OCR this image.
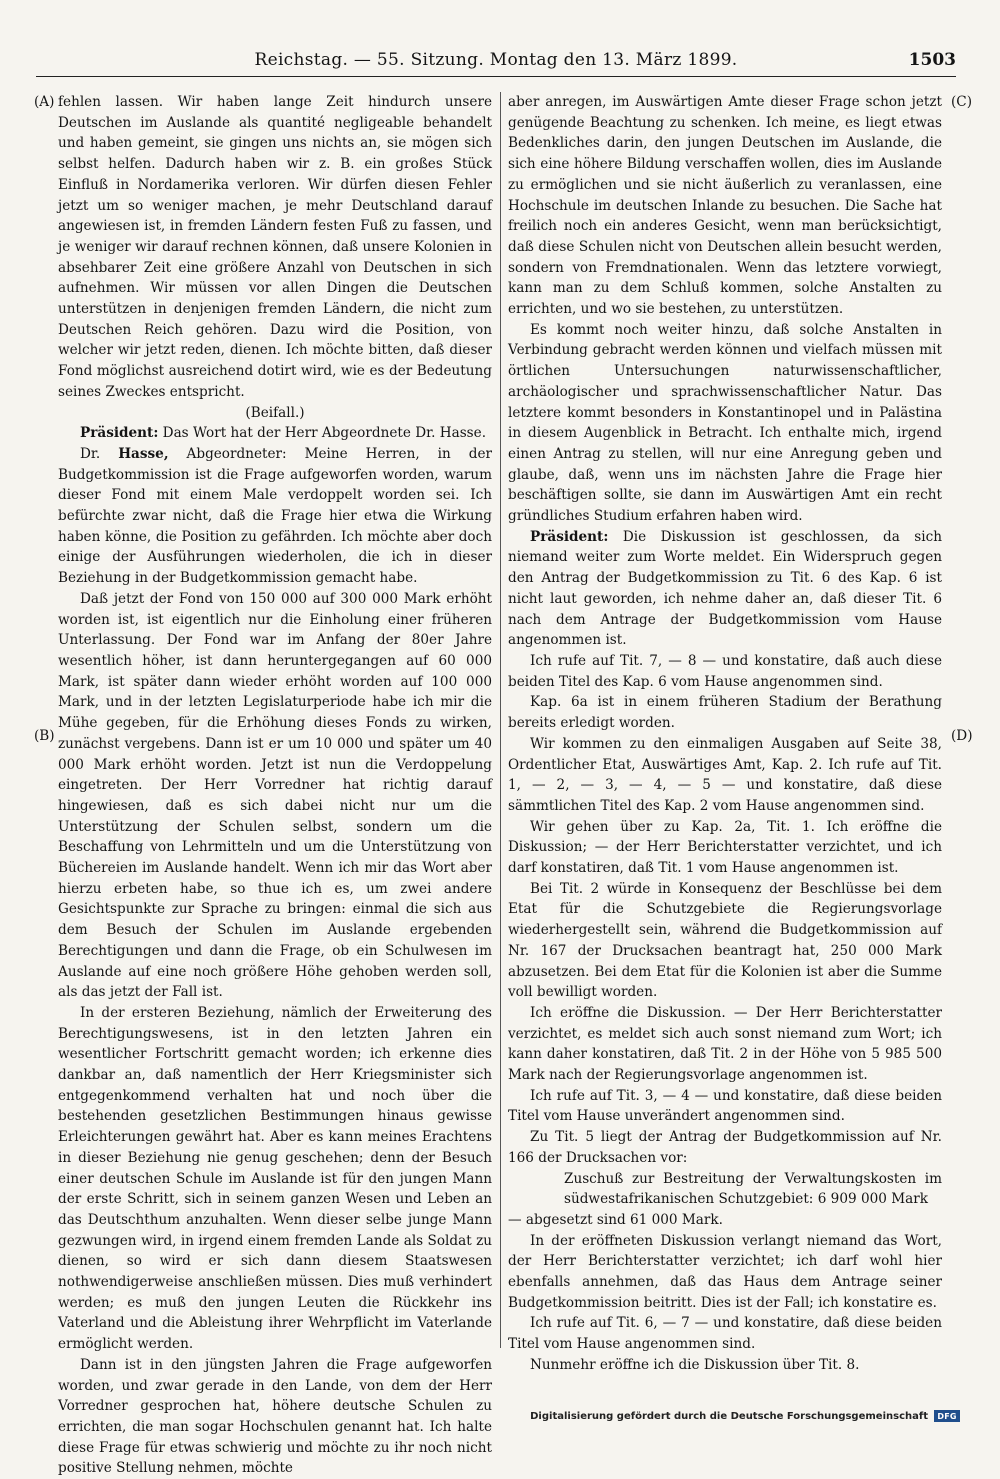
Reichstag. — 55. Sitzung. Montag den 13. März 1899.	1503
(A)
(B)
(C)
(D)

fehlen lassen. Wir haben lange Zeit hindurch unsere Deutschen im Auslande als quantité negligeable behandelt und haben gemeint, sie gingen uns nichts an, sie mögen sich selbst helfen. Dadurch haben wir z. B. ein großes Stück Einfluß in Nordamerika verloren. Wir dürfen diesen Fehler jetzt um so weniger machen, je mehr Deutschland darauf angewiesen ist, in fremden Ländern festen Fuß zu fassen, und je weniger wir darauf rechnen können, daß unsere Kolonien in absehbarer Zeit eine größere Anzahl von Deutschen in sich aufnehmen. Wir müssen vor allen Dingen die Deutschen unterstützen in denjenigen fremden Ländern, die nicht zum Deutschen Reich gehören. Dazu wird die Position, von welcher wir jetzt reden, dienen. Ich möchte bitten, daß dieser Fond möglichst ausreichend dotirt wird, wie es der Bedeutung seines Zweckes entspricht.

(Beifall.)

Präsident: Das Wort hat der Herr Abgeordnete Dr. Hasse.

Dr. Hasse, Abgeordneter: Meine Herren, in der Budgetkommission ist die Frage aufgeworfen worden, warum dieser Fond mit einem Male verdoppelt worden sei. Ich befürchte zwar nicht, daß die Frage hier etwa die Wirkung haben könne, die Position zu gefährden. Ich möchte aber doch einige der Ausführungen wiederholen, die ich in dieser Beziehung in der Budgetkommission gemacht habe.

Daß jetzt der Fond von 150 000 auf 300 000 Mark erhöht worden ist, ist eigentlich nur die Einholung einer früheren Unterlassung. Der Fond war im Anfang der 80er Jahre wesentlich höher, ist dann heruntergegangen auf 60 000 Mark, ist später dann wieder erhöht worden auf 100 000 Mark, und in der letzten Legislaturperiode habe ich mir die Mühe gegeben, für die Erhöhung dieses Fonds zu wirken, zunächst vergebens. Dann ist er um 10 000 und später um 40 000 Mark erhöht worden. Jetzt ist nun die Verdoppelung eingetreten. Der Herr Vorredner hat richtig darauf hingewiesen, daß es sich dabei nicht nur um die Unterstützung der Schulen selbst, sondern um die Beschaffung von Lehrmitteln und um die Unterstützung von Büchereien im Auslande handelt. Wenn ich mir das Wort aber hierzu erbeten habe, so thue ich es, um zwei andere Gesichtspunkte zur Sprache zu bringen: einmal die sich aus dem Besuch der Schulen im Auslande ergebenden Berechtigungen und dann die Frage, ob ein Schulwesen im Auslande auf eine noch größere Höhe gehoben werden soll, als das jetzt der Fall ist.

In der ersteren Beziehung, nämlich der Erweiterung des Berechtigungswesens, ist in den letzten Jahren ein wesentlicher Fortschritt gemacht worden; ich erkenne dies dankbar an, daß namentlich der Herr Kriegsminister sich entgegenkommend verhalten hat und noch über die bestehenden gesetzlichen Bestimmungen hinaus gewisse Erleichterungen gewährt hat. Aber es kann meines Erachtens in dieser Beziehung nie genug geschehen; denn der Besuch einer deutschen Schule im Auslande ist für den jungen Mann der erste Schritt, sich in seinem ganzen Wesen und Leben an das Deutschthum anzuhalten. Wenn dieser selbe junge Mann gezwungen wird, in irgend einem fremden Lande als Soldat zu dienen, so wird er sich dann diesem Staatswesen nothwendigerweise anschließen müssen. Dies muß verhindert werden; es muß den jungen Leuten die Rückkehr ins Vaterland und die Ableistung ihrer Wehrpflicht im Vaterlande ermöglicht werden.

Dann ist in den jüngsten Jahren die Frage aufgeworfen worden, und zwar gerade in den Lande, von dem der Herr Vorredner gesprochen hat, höhere deutsche Schulen zu errichten, die man sogar Hochschulen genannt hat. Ich halte diese Frage für etwas schwierig und möchte zu ihr noch nicht positive Stellung nehmen, möchte

aber anregen, im Auswärtigen Amte dieser Frage schon jetzt genügende Beachtung zu schenken. Ich meine, es liegt etwas Bedenkliches darin, den jungen Deutschen im Auslande, die sich eine höhere Bildung verschaffen wollen, dies im Auslande zu ermöglichen und sie nicht äußerlich zu veranlassen, eine Hochschule im deutschen Inlande zu besuchen. Die Sache hat freilich noch ein anderes Gesicht, wenn man berücksichtigt, daß diese Schulen nicht von Deutschen allein besucht werden, sondern von Fremdnationalen. Wenn das letztere vorwiegt, kann man zu dem Schluß kommen, solche Anstalten zu errichten, und wo sie bestehen, zu unterstützen.

Es kommt noch weiter hinzu, daß solche Anstalten in Verbindung gebracht werden können und vielfach müssen mit örtlichen Untersuchungen naturwissenschaftlicher, archäologischer und sprachwissenschaftlicher Natur. Das letztere kommt besonders in Konstantinopel und in Palästina in diesem Augenblick in Betracht. Ich enthalte mich, irgend einen Antrag zu stellen, will nur eine Anregung geben und glaube, daß, wenn uns im nächsten Jahre die Frage hier beschäftigen sollte, sie dann im Auswärtigen Amt ein recht gründliches Studium erfahren haben wird.

Präsident: Die Diskussion ist geschlossen, da sich niemand weiter zum Worte meldet. Ein Widerspruch gegen den Antrag der Budgetkommission zu Tit. 6 des Kap. 6 ist nicht laut geworden, ich nehme daher an, daß dieser Tit. 6 nach dem Antrage der Budgetkommission vom Hause angenommen ist.

Ich rufe auf Tit. 7, — 8 — und konstatire, daß auch diese beiden Titel des Kap. 6 vom Hause angenommen sind.

Kap. 6a ist in einem früheren Stadium der Berathung bereits erledigt worden.

Wir kommen zu den einmaligen Ausgaben auf Seite 38, Ordentlicher Etat, Auswärtiges Amt, Kap. 2. Ich rufe auf Tit. 1, — 2, — 3, — 4, — 5 — und konstatire, daß diese sämmtlichen Titel des Kap. 2 vom Hause angenommen sind.

Wir gehen über zu Kap. 2a, Tit. 1. Ich eröffne die Diskussion; — der Herr Berichterstatter verzichtet, und ich darf konstatiren, daß Tit. 1 vom Hause angenommen ist.

Bei Tit. 2 würde in Konsequenz der Beschlüsse bei dem Etat für die Schutzgebiete die Regierungsvorlage wiederhergestellt sein, während die Budgetkommission auf Nr. 167 der Drucksachen beantragt hat, 250 000 Mark abzusetzen. Bei dem Etat für die Kolonien ist aber die Summe voll bewilligt worden.

Ich eröffne die Diskussion. — Der Herr Berichterstatter verzichtet, es meldet sich auch sonst niemand zum Wort; ich kann daher konstatiren, daß Tit. 2 in der Höhe von 5 985 500 Mark nach der Regierungsvorlage angenommen ist.

Ich rufe auf Tit. 3, — 4 — und konstatire, daß diese beiden Titel vom Hause unverändert angenommen sind.

Zu Tit. 5 liegt der Antrag der Budgetkommission auf Nr. 166 der Drucksachen vor:

Zuschuß zur Bestreitung der Verwaltungskosten im südwestafrikanischen Schutzgebiet: 6 909 000 Mark

— abgesetzt sind 61 000 Mark.

In der eröffneten Diskussion verlangt niemand das Wort, der Herr Berichterstatter verzichtet; ich darf wohl hier ebenfalls annehmen, daß das Haus dem Antrage seiner Budgetkommission beitritt. Dies ist der Fall; ich konstatire es.

Ich rufe auf Tit. 6, — 7 — und konstatire, daß diese beiden Titel vom Hause angenommen sind.

Nunmehr eröffne ich die Diskussion über Tit. 8.

Digitalisierung gefördert durch die Deutsche Forschungsgemeinschaft	DFG
